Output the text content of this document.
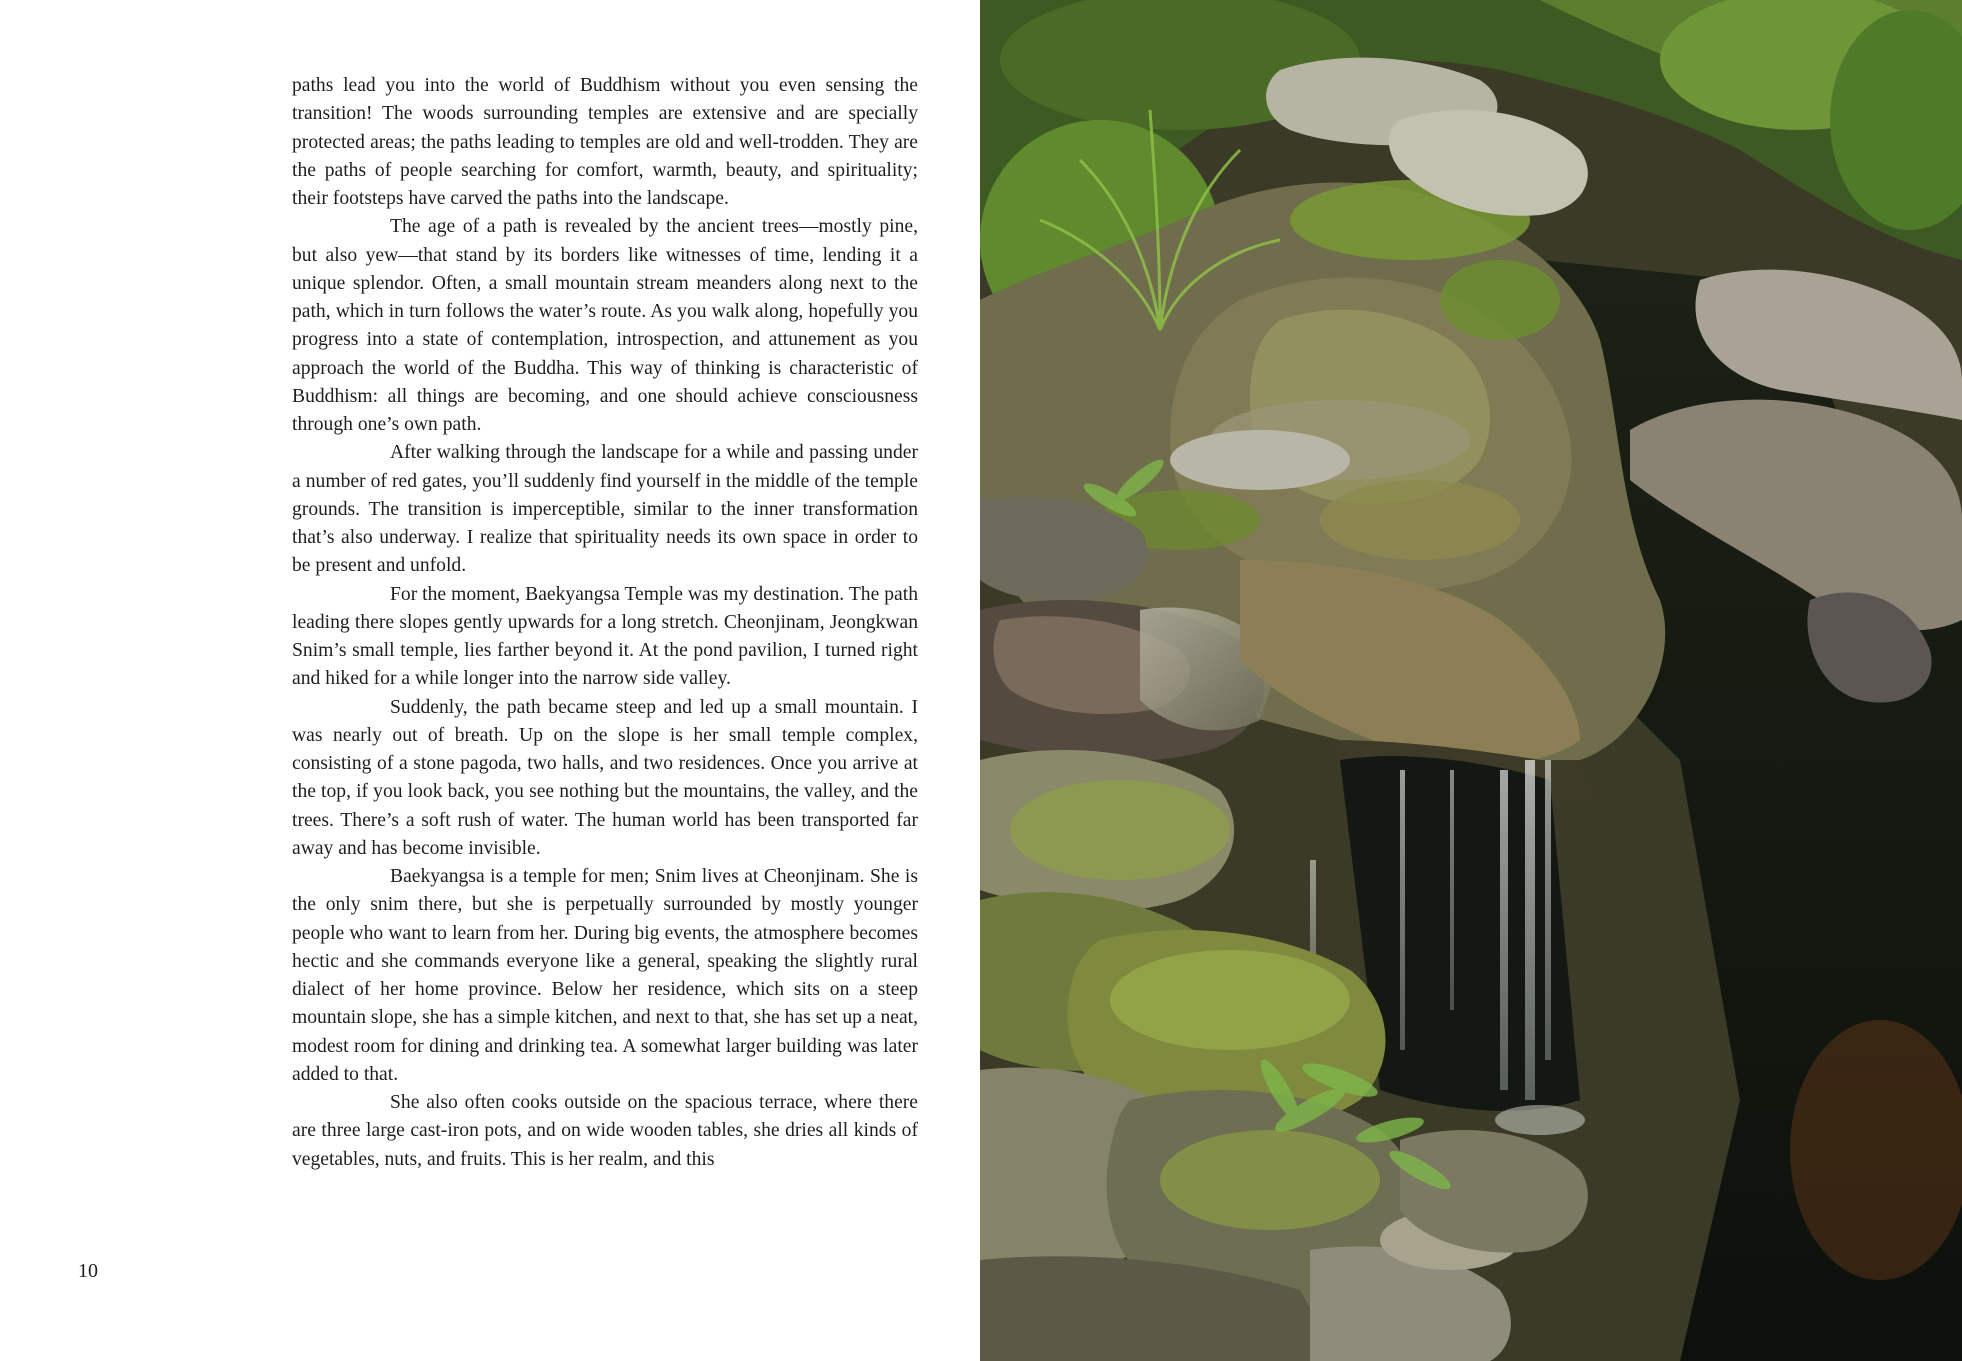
paths lead you into the world of Buddhism without you even sensing the transition! The woods surrounding temples are extensive and are specially protected areas; the paths leading to temples are old and well-trodden. They are the paths of people searching for comfort, warmth, beauty, and spirituality; their footsteps have carved the paths into the landscape.

The age of a path is revealed by the ancient trees—mostly pine, but also yew—that stand by its borders like witnesses of time, lending it a unique splendor. Often, a small mountain stream meanders along next to the path, which in turn follows the water’s route. As you walk along, hopefully you progress into a state of contemplation, introspection, and attunement as you approach the world of the Buddha. This way of thinking is characteristic of Buddhism: all things are becoming, and one should achieve consciousness through one’s own path.

After walking through the landscape for a while and passing under a number of red gates, you’ll suddenly find yourself in the middle of the temple grounds. The transition is imperceptible, similar to the inner transformation that’s also underway. I realize that spirituality needs its own space in order to be present and unfold.

For the moment, Baekyangsa Temple was my destination. The path leading there slopes gently upwards for a long stretch. Cheonjinam, Jeongkwan Snim’s small temple, lies farther beyond it. At the pond pavilion, I turned right and hiked for a while longer into the narrow side valley.

Suddenly, the path became steep and led up a small mountain. I was nearly out of breath. Up on the slope is her small temple complex, consisting of a stone pagoda, two halls, and two residences. Once you arrive at the top, if you look back, you see nothing but the mountains, the valley, and the trees. There’s a soft rush of water. The human world has been transported far away and has become invisible.

Baekyangsa is a temple for men; Snim lives at Cheonjinam. She is the only snim there, but she is perpetually surrounded by mostly younger people who want to learn from her. During big events, the atmosphere becomes hectic and she commands everyone like a general, speaking the slightly rural dialect of her home province. Below her residence, which sits on a steep mountain slope, she has a simple kitchen, and next to that, she has set up a neat, modest room for dining and drinking tea. A somewhat larger building was later added to that.

She also often cooks outside on the spacious terrace, where there are three large cast-iron pots, and on wide wooden tables, she dries all kinds of vegetables, nuts, and fruits. This is her realm, and this

10
